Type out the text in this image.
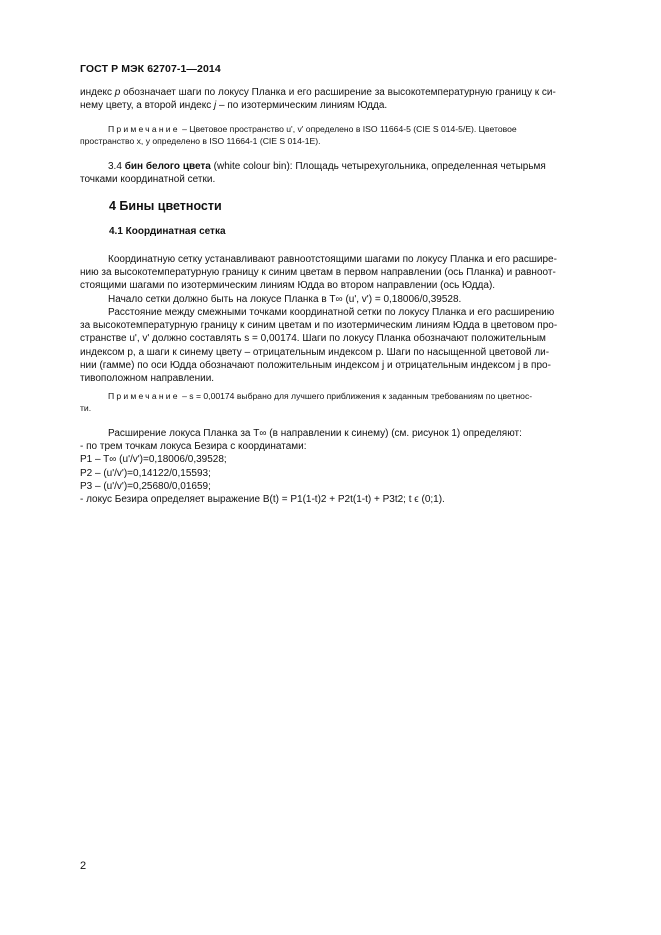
ГОСТ Р МЭК 62707-1—2014

индекс p обозначает шаги по локусу Планка и его расширение за высокотемпературную границу к си-

нему цвету, а второй индекс j – по изотермическим линиям Юдда.

Примечание – Цветовое пространство u', v' определено в ISO 11664-5 (CIE S 014-5/E). Цветовое

пространство x, y определено в ISO 11664-1 (CIE S 014-1E).

3.4 бин белого цвета (white colour bin): Площадь четырехугольника, определенная четырьмя

точками координатной сетки.

4 Бины цветности
4.1 Координатная сетка

Координатную сетку устанавливают равноотстоящими шагами по локусу Планка и его расшире-

нию за высокотемпературную границу к синим цветам в первом направлении (ось Планка) и равноот-

стоящими шагами по изотермическим линиям Юдда во втором направлении (ось Юдда).

Начало сетки должно быть на локусе Планка в T∞ (u', v') = 0,18006/0,39528.

Расстояние между смежными точками координатной сетки по локусу Планка и его расширению

за высокотемпературную границу к синим цветам и по изотермическим линиям Юдда в цветовом про-

странстве u', v' должно составлять s = 0,00174. Шаги по локусу Планка обозначают положительным

индексом p, а шаги к синему цвету – отрицательным индексом p. Шаги по насыщенной цветовой ли-

нии (гамме) по оси Юдда обозначают положительным индексом j и отрицательным индексом j в про-

тивоположном направлении.

Примечание – s = 0,00174 выбрано для лучшего приближения к заданным требованиям по цветнос-

ти.

Расширение локуса Планка за T∞ (в направлении к синему) (см. рисунок 1) определяют:

- по трем точкам локуса Безира с координатами:

P1 – T∞ (u'/v')=0,18006/0,39528;

P2 – (u'/v')=0,14122/0,15593;

P3 – (u'/v')=0,25680/0,01659;

- локус Безира определяет выражение B(t) = P1(1-t)2 + P2t(1-t) + P3t2; t ϵ (0;1).

2
